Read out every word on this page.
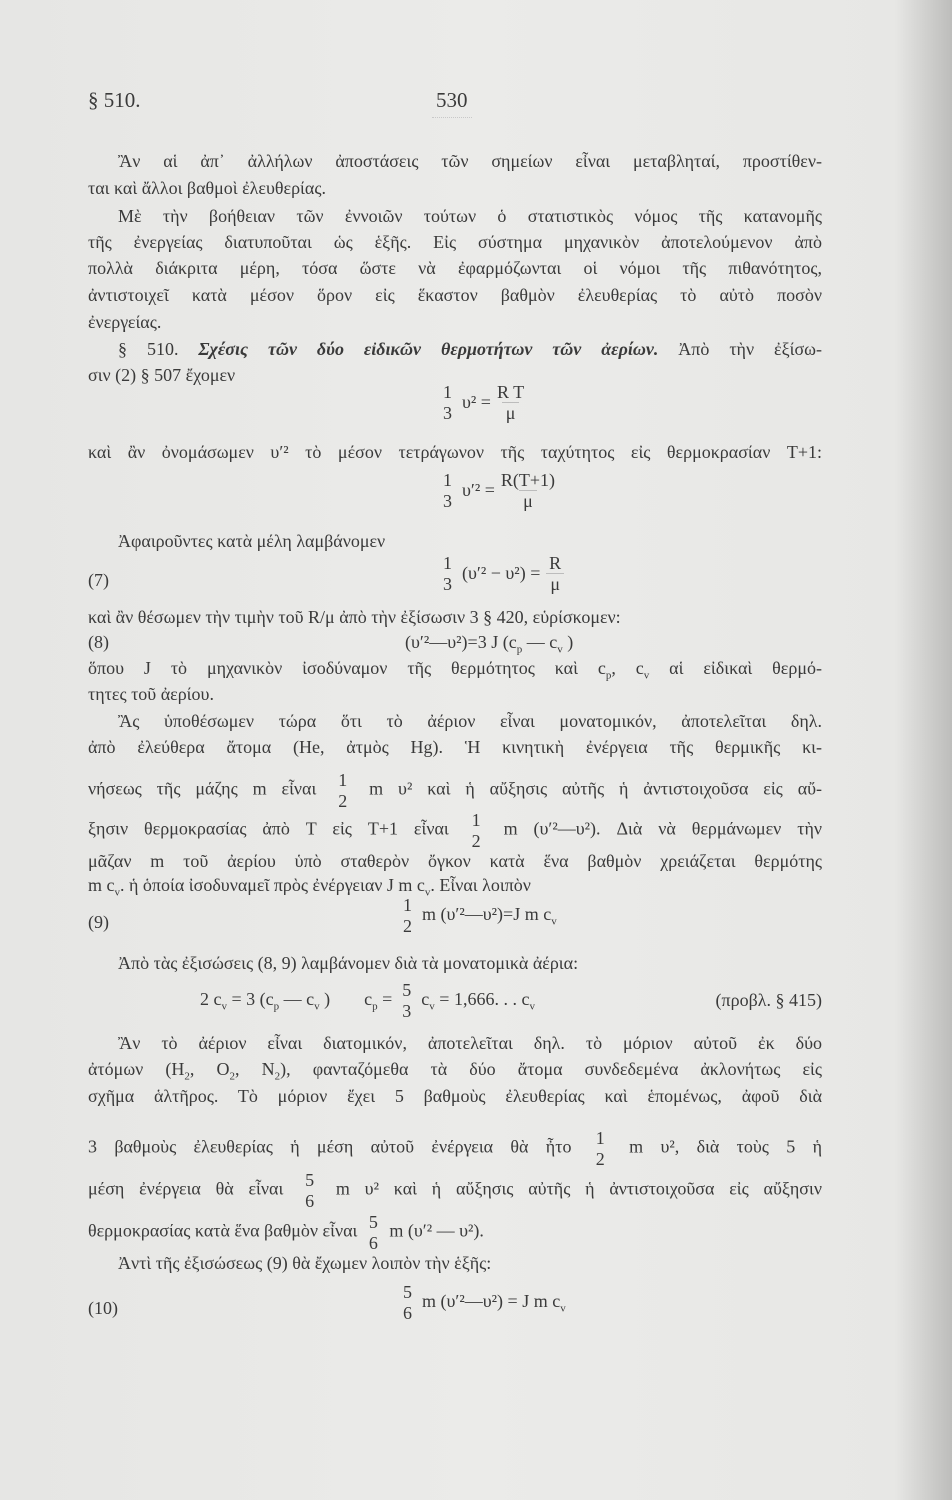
§ 510.	530
Ἂν αἱ ἀπ᾿ ἀλλήλων ἀποστάσεις τῶν σημείων εἶναι μεταβληταί, προστίθεν-
ται καὶ ἄλλοι βαθμοὶ ἐλευθερίας.
Μὲ τὴν βοήθειαν τῶν ἐννοιῶν τούτων ὁ στατιστικὸς νόμος τῆς κατανομῆς
τῆς ἐνεργείας διατυποῦται ὡς ἑξῆς. Εἰς σύστημα μηχανικὸν ἀποτελούμενον ἀπὸ
πολλὰ διάκριτα μέρη, τόσα ὥστε νὰ ἐφαρμόζωνται οἱ νόμοι τῆς πιθανότητος,
ἀντιστοιχεῖ κατὰ μέσον ὅρον εἰς ἕκαστον βαθμὸν ἐλευθερίας τὸ αὐτὸ ποσὸν
ἐνεργείας.
§ 510. Σχέσις τῶν δύο εἰδικῶν θερμοτήτων τῶν ἀερίων. Ἀπὸ τὴν ἐξίσω-
σιν (2) § 507 ἔχομεν
1
3
$\upsilon^2 = \frac{\text{R T}}{\mu}$
καὶ ἂν ὀνομάσωμεν υ′² τὸ μέσον τετράγωνον τῆς ταχύτητος εἰς θερμοκρασίαν T+1:
1
3
$\upsilon'^2 = \frac{R(T+1)}{\mu}$
Ἀφαιροῦντες κατὰ μέλη λαμβάνομεν
(7)
1
3
$(\upsilon'^2 - \upsilon^2) = \frac{R}{\mu}$
καὶ ἂν θέσωμεν τὴν τιμὴν τοῦ R/μ ἀπὸ τὴν ἐξίσωσιν 3 § 420, εὑρίσκομεν:
(8)	(υ′²—υ²)=3 J ($c_p$ — $c_v$ )
ὅπου J τὸ μηχανικὸν ἰσοδύναμον τῆς θερμότητος καὶ $c_p$, $c_v$ αἱ εἰδικαὶ θερμό-
τητες τοῦ ἀερίου.
Ἂς ὑποθέσωμεν τώρα ὅτι τὸ ἀέριον εἶναι μονατομικόν, ἀποτελεῖται δηλ.
ἀπὸ ἐλεύθερα ἄτομα (He, ἀτμὸς Hg). Ἡ κινητικὴ ἐνέργεια τῆς θερμικῆς κι-
νήσεως τῆς μάζης m εἶναι 1
2
m υ² καὶ ἡ αὔξησις αὐτῆς ἡ ἀντιστοιχοῦσα εἰς αὔ-
ξησιν θερμοκρασίας ἀπὸ T εἰς T+1 εἶναι 1
2
m (υ′²—υ²). Διὰ νὰ θερμάνωμεν τὴν
μᾶζαν m τοῦ ἀερίου ὑπὸ σταθερὸν ὄγκον κατὰ ἕνα βαθμὸν χρειάζεται θερμότης
m $c_v$. ἡ ὁποία ἰσοδυναμεῖ πρὸς ἐνέργειαν J m $c_v$. Εἶναι λοιπὸν
(9)
1
2
m (υ′²—υ²)=J m $c_v$
Ἀπὸ τὰς ἐξισώσεις (8, 9) λαμβάνομεν διὰ τὰ μονατομικὰ ἀέρια:
2 $c_v = 3$ ($c_p$ — $c_v$ ) $c_p = 5$
3
$c_v = 1,666$. . . $c_v$	(προβλ. § 415)
Ἂν τὸ ἀέριον εἶναι διατομικόν, ἀποτελεῖται δηλ. τὸ μόριον αὐτοῦ ἐκ δύο
ἀτόμων ($H_2$, $O_2$, $N_2$), φανταζόμεθα τὰ δύο ἄτομα συνδεδεμένα ἀκλονήτως εἰς
σχῆμα ἁλτῆρος. Τὸ μόριον ἔχει 5 βαθμοὺς ἐλευθερίας καὶ ἑπομένως, ἀφοῦ διὰ
3 βαθμοὺς ἐλευθερίας ἡ μέση αὐτοῦ ἐνέργεια θὰ ἦτο 1
2
m υ², διὰ τοὺς 5 ἡ
μέση ἐνέργεια θὰ εἶναι 5
6
m υ² καὶ ἡ αὔξησις αὐτῆς ἡ ἀντιστοιχοῦσα εἰς αὔξησιν
θερμοκρασίας κατὰ ἕνα βαθμὸν εἶναι 5
6
m (υ′² — υ²).
Ἀντὶ τῆς ἐξισώσεως (9) θὰ ἔχωμεν λοιπὸν τὴν ἑξῆς:
(10)
5
6
m (υ′²—υ²) = J m $c_v$
